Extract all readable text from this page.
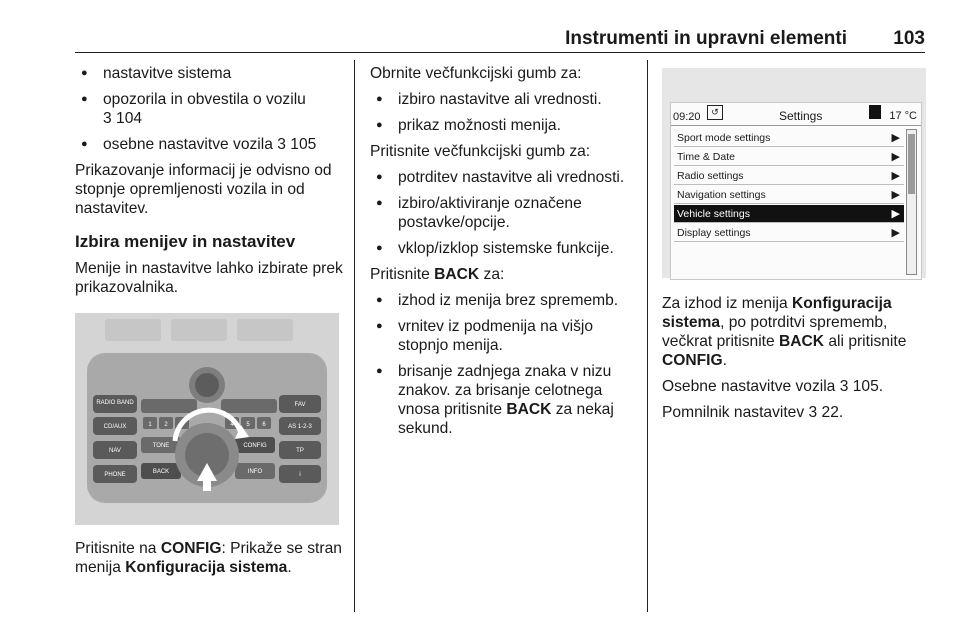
Instrumenti in upravni elementi 103
● nastavitve sistema
● opozorila in obvestila o vozilu
3 104
● osebne nastavitve vozila 3 105

Prikazovanje informacij je odvisno od stopnje opremljenosti vozila in od nastavitev.

Izbira menijev in nastavitev

Menije in nastavitve lahko izbirate prek prikazovalnika.

RADIO BAND
CD/AUX
NAV
PHONE
FAV
AS 1-2-3
TP
i
1 2 3	4 5 6
TONE	CONFIG
BACK	INFO

Pritisnite na CONFIG: Prikaže se stran menija Konfiguracija sistema.

Obrnite večfunkcijski gumb za:

● izbiro nastavitve ali vrednosti.
● prikaz možnosti menija.

Pritisnite večfunkcijski gumb za:

● potrditev nastavitve ali vrednosti.
● izbiro/aktiviranje označene postavke/opcije.
● vklop/izklop sistemske funkcije.

Pritisnite BACK za:

● izhod iz menija brez sprememb.
● vrnitev iz podmenija na višjo stopnjo menija.
● brisanje zadnjega znaka v nizu znakov. za brisanje celotnega vnosa pritisnite BACK za nekaj sekund.
09:20	↺	Settings	17 °C
Sport mode settings	▶
Time & Date	▶
Radio settings	▶
Navigation settings	▶
Vehicle settings	▶
Display settings	▶

Za izhod iz menija Konfiguracija sistema, po potrditvi sprememb, večkrat pritisnite BACK ali pritisnite CONFIG.

Osebne nastavitve vozila 3 105.

Pomnilnik nastavitev 3 22.
